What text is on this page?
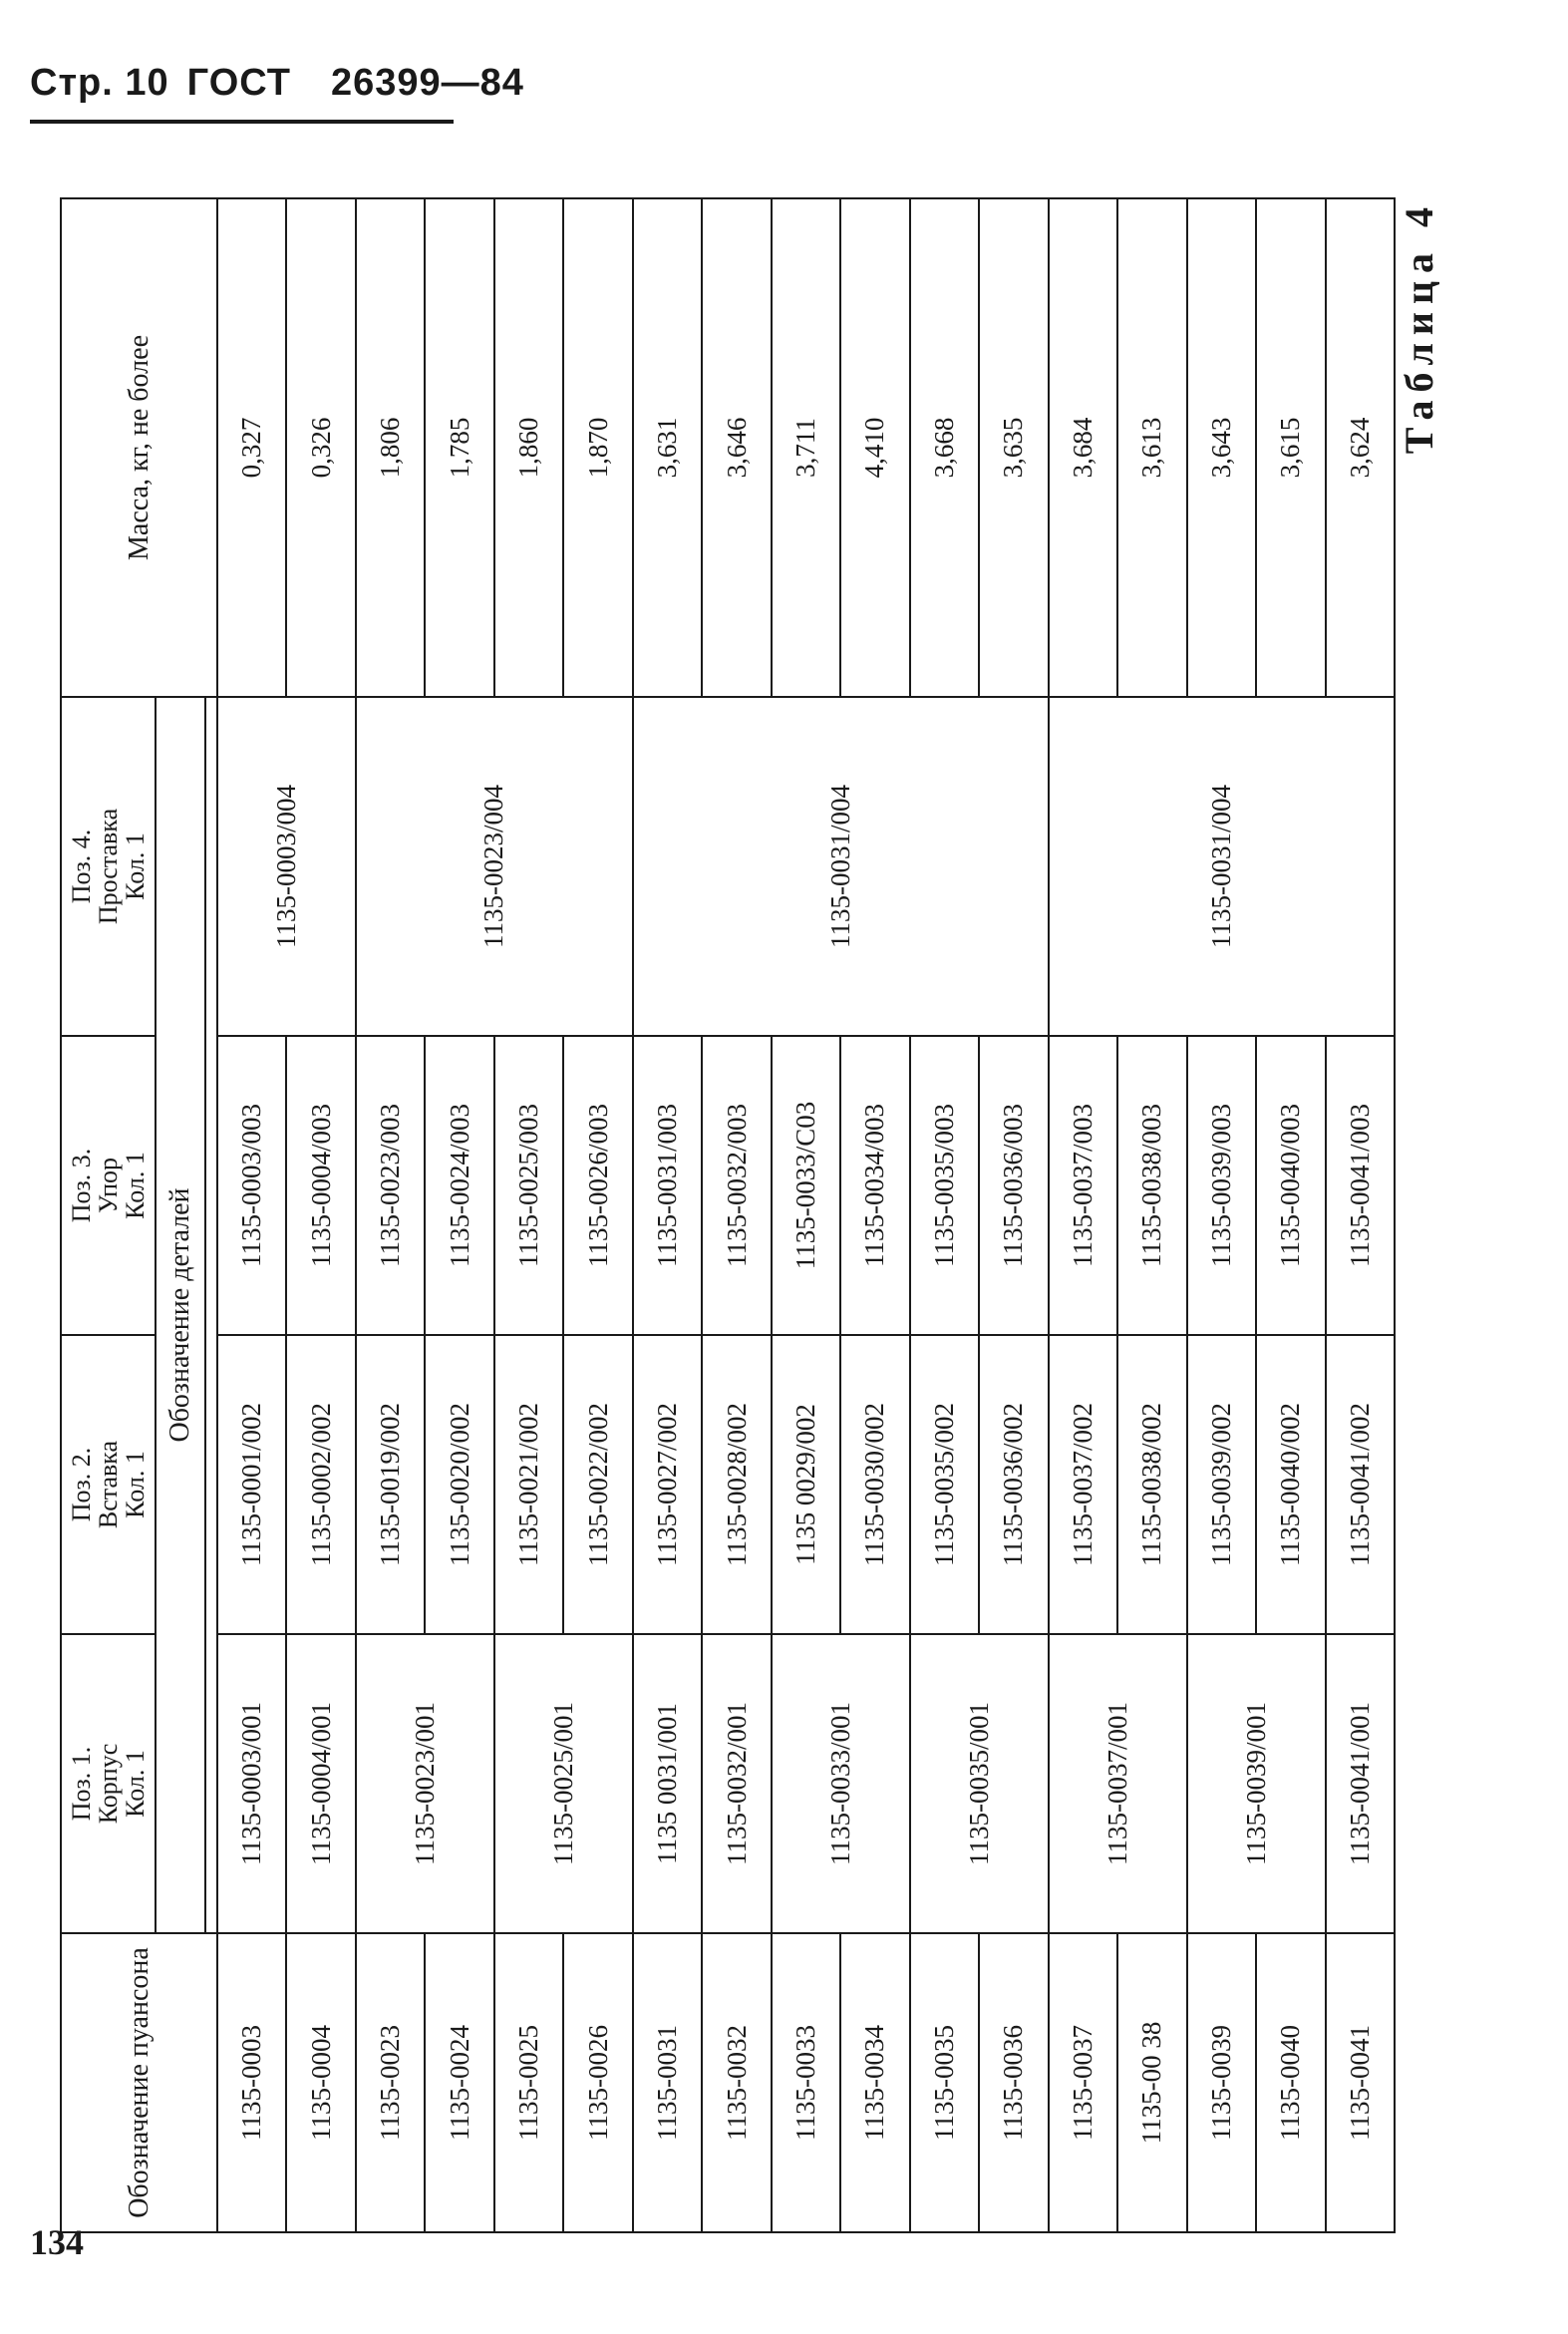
Стр. 10 ГОСТ 26399—84
Обозначение пуансона	Поз. 1.
Корпус
Кол. 1	Поз. 2.
Вставка
Кол. 1	Поз. 3.
Упор
Кол. 1	Поз. 4.
Проставка
Кол. 1	Масса, кг, не более
	Обозначение деталей				

1135-0003	1135-0003/001	1135-0001/002	1135-0003/003	1135-0003/004	0,327
1135-0004	1135-0004/001	1135-0002/002	1135-0004/003		0,326
1135-0023	1135-0023/001	1135-0019/002	1135-0023/003	1135-0023/004	1,806
1135-0024		1135-0020/002	1135-0024/003		1,785
1135-0025	1135-0025/001	1135-0021/002	1135-0025/003		1,860
1135-0026		1135-0022/002	1135-0026/003		1,870
1135-0031	1135 0031/001	1135-0027/002	1135-0031/003	1135-0031/004	3,631
1135-0032	1135-0032/001	1135-0028/002	1135-0032/003		3,646
1135-0033	1135-0033/001	1135 0029/002	1135-0033/С03		3,711
1135-0034		1135-0030/002	1135-0034/003		4,410
1135-0035	1135-0035/001	1135-0035/002	1135-0035/003		3,668
1135-0036		1135-0036/002	1135-0036/003		3,635
1135-0037	1135-0037/001	1135-0037/002	1135-0037/003	1135-0031/004	3,684
1135-00 38		1135-0038/002	1135-0038/003		3,613
1135-0039	1135-0039/001	1135-0039/002	1135-0039/003		3,643
1135-0040		1135-0040/002	1135-0040/003		3,615
1135-0041	1135-0041/001	1135-0041/002	1135-0041/003		3,624 Таблица 4
134
